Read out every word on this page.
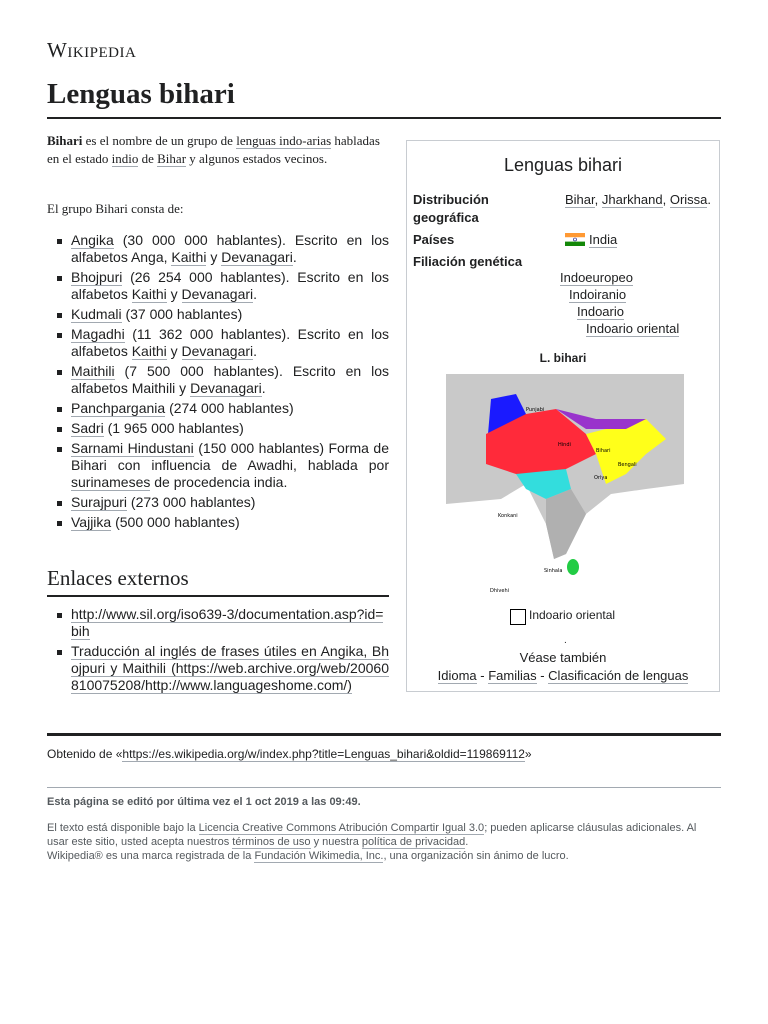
Wikipedia
Lenguas bihari
Bihari es el nombre de un grupo de lenguas indo-arias habladas en el estado indio de Bihar y algunos estados vecinos.
El grupo Bihari consta de:
Angika (30 000 000 hablantes). Escrito en los alfabetos Anga, Kaithi y Devanagari.
Bhojpuri (26 254 000 hablantes). Escrito en los alfabetos Kaithi y Devanagari.
Kudmali (37 000 hablantes)
Magadhi (11 362 000 hablantes). Escrito en los alfabetos Kaithi y Devanagari.
Maithili (7 500 000 hablantes). Escrito en los alfabetos Maithili y Devanagari.
Panchpargania (274 000 hablantes)
Sadri (1 965 000 hablantes)
Sarnami Hindustani (150 000 hablantes) Forma de Bihari con influencia de Awadhi, hablada por surinameses de procedencia india.
Surajpuri (273 000 hablantes)
Vajjika (500 000 hablantes)
Enlaces externos
http://www.sil.org/iso639-3/documentation.asp?id=bih
Traducción al inglés de frases útiles en Angika, Bhojpuri y Maithili (https://web.archive.org/web/20060810075208/http://www.languageshome.com/)
Lenguas bihari
Distribución geográfica
Bihar, Jharkhand, Orissa.
Países	India
Filiación genética
Indoeuropeo
Indoiranio
Indoario
Indoario oriental
L. bihari
Punjabi
Hindi
Bihari
Bengali
Oriya
Konkani
Sinhala
Dhivehi
Indoario oriental
.
Véase también
Idioma - Familias - Clasificación de lenguas
Obtenido de «https://es.wikipedia.org/w/index.php?title=Lenguas_bihari&oldid=119869112»
Esta página se editó por última vez el 1 oct 2019 a las 09:49.
El texto está disponible bajo la Licencia Creative Commons Atribución Compartir Igual 3.0; pueden aplicarse cláusulas adicionales. Al usar este sitio, usted acepta nuestros términos de uso y nuestra política de privacidad.
Wikipedia® es una marca registrada de la Fundación Wikimedia, Inc., una organización sin ánimo de lucro.
